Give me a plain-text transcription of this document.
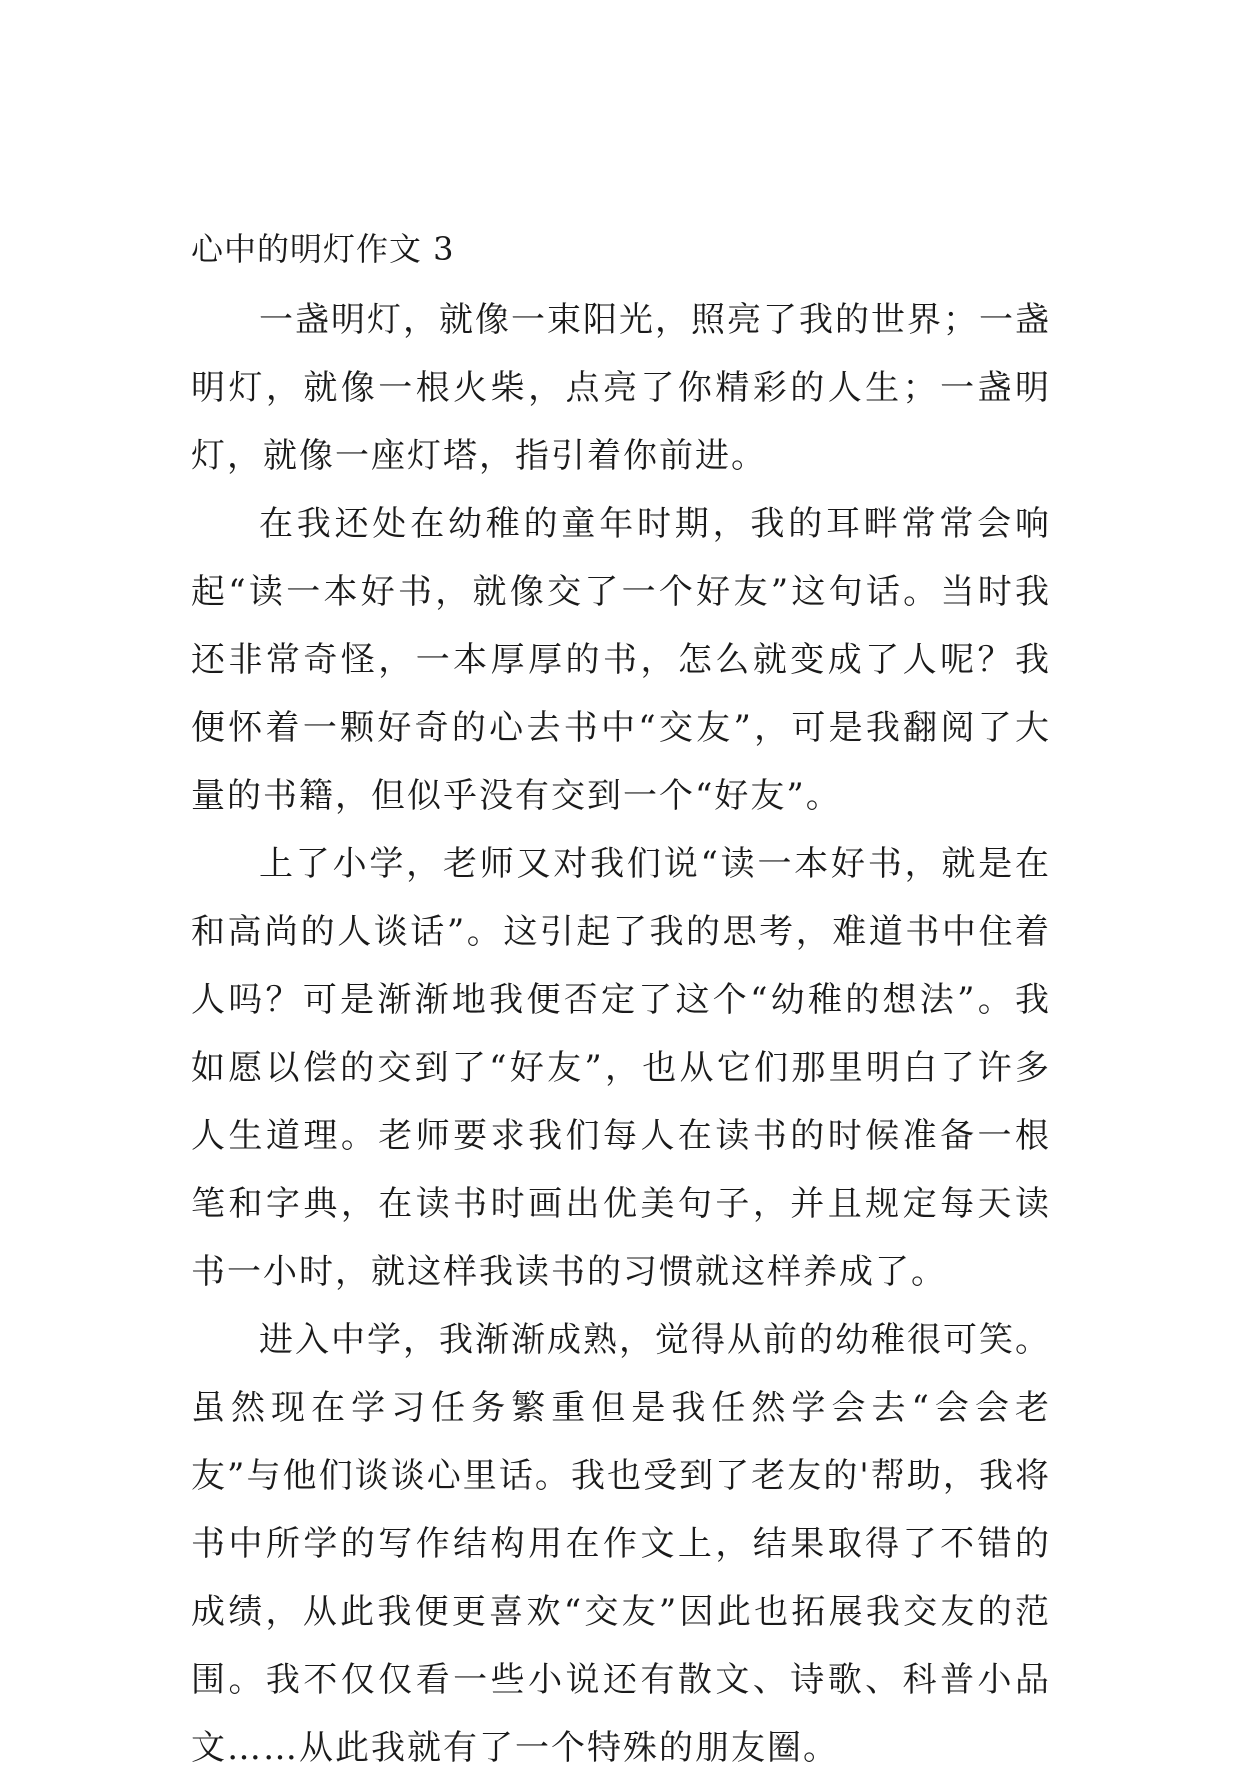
心中的明灯作文 3

一盏明灯，就像一束阳光，照亮了我的世界；一盏明灯，就像一根火柴，点亮了你精彩的人生；一盏明灯，就像一座灯塔，指引着你前进。

在我还处在幼稚的童年时期，我的耳畔常常会响起“读一本好书，就像交了一个好友”这句话。当时我还非常奇怪，一本厚厚的书，怎么就变成了人呢？我便怀着一颗好奇的心去书中“交友”，可是我翻阅了大量的书籍，但似乎没有交到一个“好友”。

上了小学，老师又对我们说“读一本好书，就是在和高尚的人谈话”。这引起了我的思考，难道书中住着人吗？可是渐渐地我便否定了这个“幼稚的想法”。我如愿以偿的交到了“好友”，也从它们那里明白了许多人生道理。老师要求我们每人在读书的时候准备一根笔和字典，在读书时画出优美句子，并且规定每天读书一小时，就这样我读书的习惯就这样养成了。

进入中学，我渐渐成熟，觉得从前的幼稚很可笑。虽然现在学习任务繁重但是我任然学会去“会会老友”与他们谈谈心里话。我也受到了老友的'帮助，我将书中所学的写作结构用在作文上，结果取得了不错的成绩，从此我便更喜欢“交友”因此也拓展我交友的范围。我不仅仅看一些小说还有散文、诗歌、科普小品文……从此我就有了一个特殊的朋友圈。
